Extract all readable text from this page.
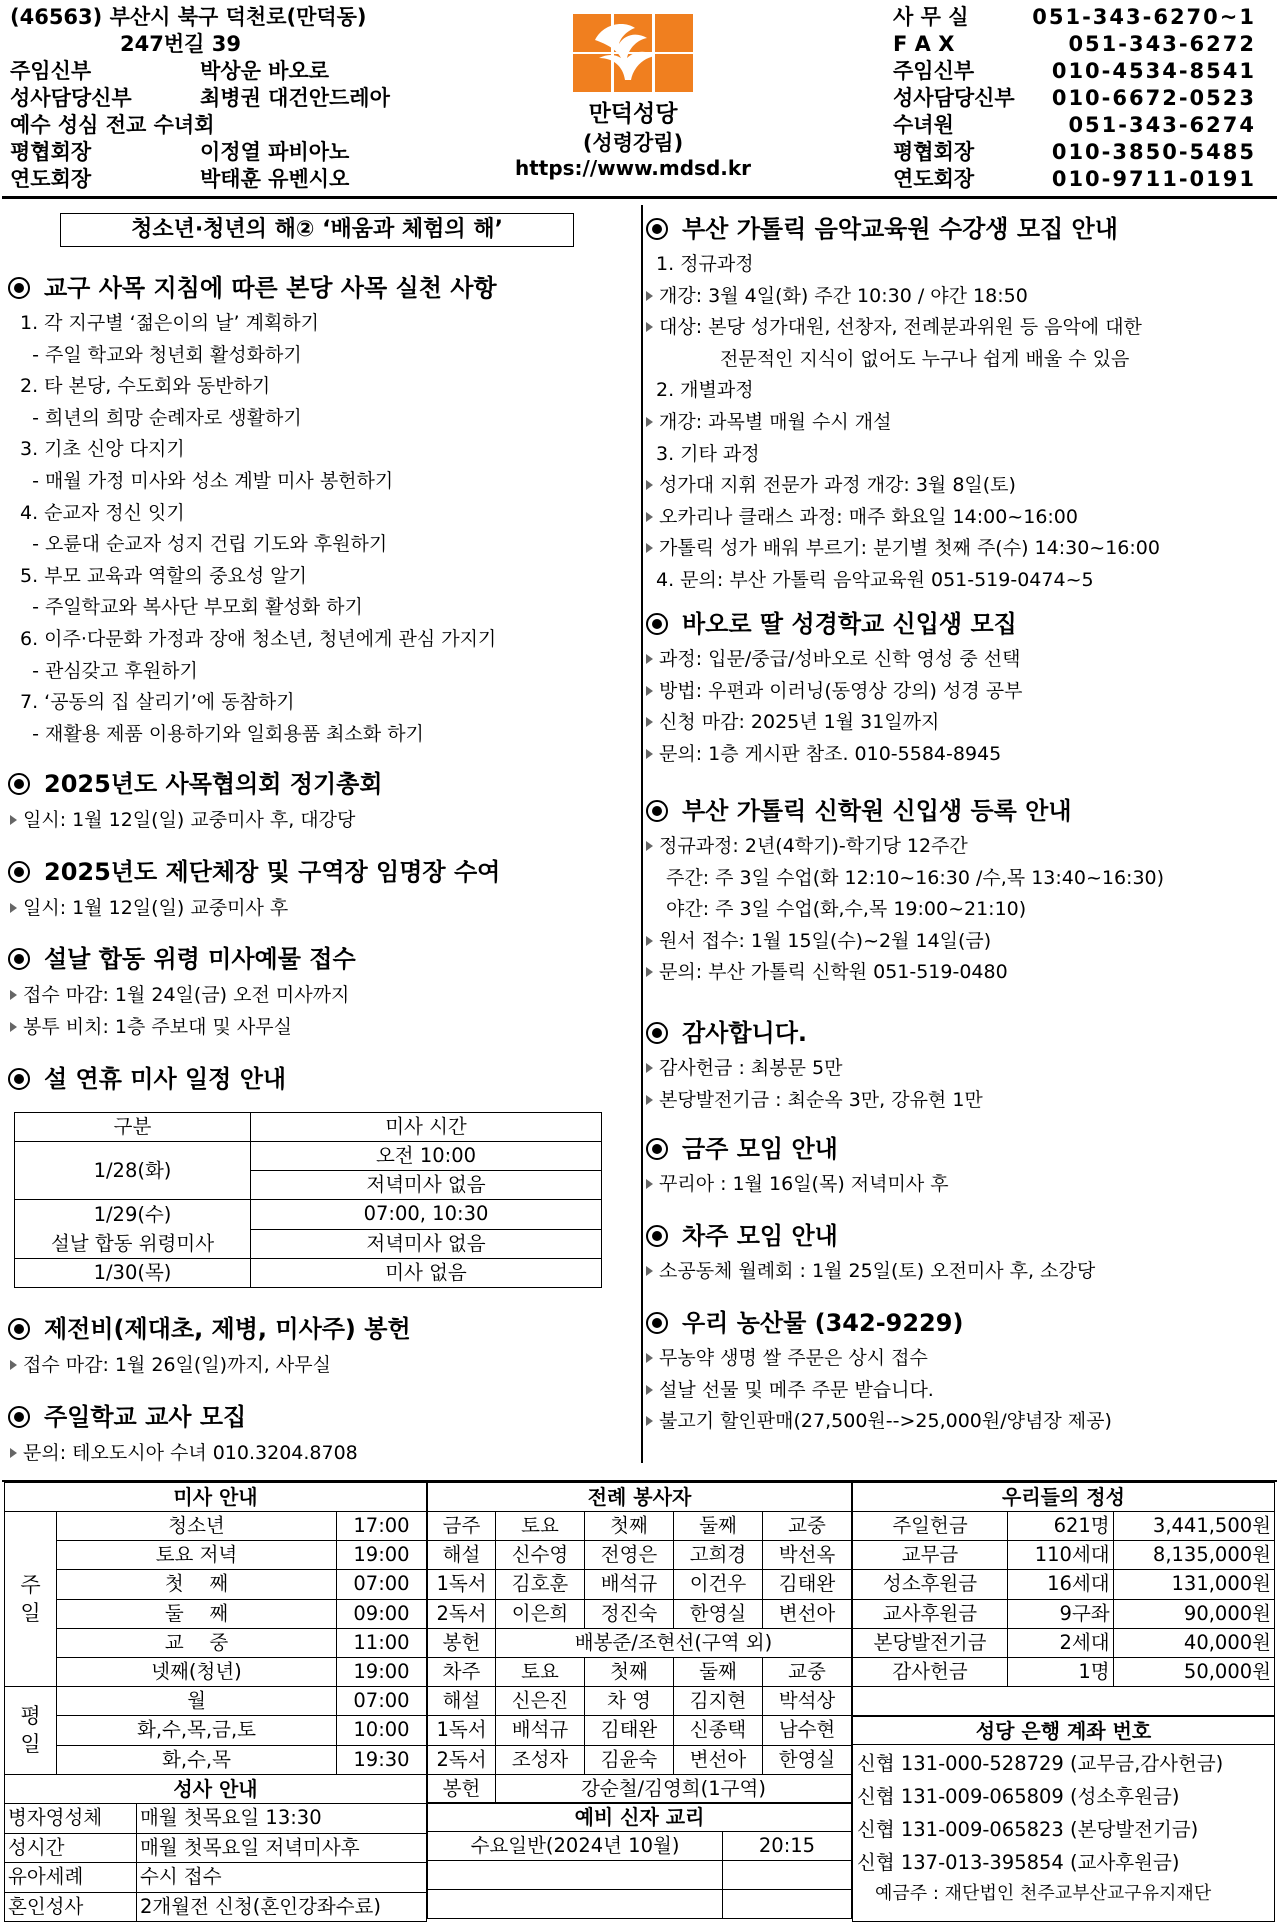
(46563) 부산시 북구 덕천로(만덕동)
247번길 39
주임신부	박상운 바오로
성사담당신부	최병권 대건안드레아
예수 성심 전교 수녀회
평협회장	이정열 파비아노
연도회장	박태훈 유벤시오
만덕성당
(성령강림)
https://www.mdsd.kr
사 무 실	051-343-6270~1
F A X	051-343-6272
주임신부	010-4534-8541
성사담당신부 010-6672-0523
수녀원	051-343-6274
평협회장	010-3850-5485
연도회장	010-9711-0191
청소년·청년의 해② ‘배움과 체험의 해’
교구 사목 지침에 따른 본당 사목 실천 사항
1. 각 지구별 ‘젊은이의 날’ 계획하기
- 주일 학교와 청년회 활성화하기
2. 타 본당, 수도회와 동반하기
- 희년의 희망 순례자로 생활하기
3. 기초 신앙 다지기
- 매월 가정 미사와 성소 계발 미사 봉헌하기
4. 순교자 정신 잇기
- 오륜대 순교자 성지 건립 기도와 후원하기
5. 부모 교육과 역할의 중요성 알기
- 주일학교와 복사단 부모회 활성화 하기
6. 이주·다문화 가정과 장애 청소년, 청년에게 관심 가지기
- 관심갖고 후원하기
7. ‘공동의 집 살리기’에 동참하기
- 재활용 제품 이용하기와 일회용품 최소화 하기
2025년도 사목협의회 정기총회
일시: 1월 12일(일) 교중미사 후, 대강당
2025년도 제단체장 및 구역장 임명장 수여
일시: 1월 12일(일) 교중미사 후
설날 합동 위령 미사예물 접수
접수 마감: 1월 24일(금) 오전 미사까지
봉투 비치: 1층 주보대 및 사무실
설 연휴 미사 일정 안내
구분	미사 시간
1/28(화)	오전 10:00
	저녁미사 없음

1/29(수)
설날 합동 위령미사	07:00, 10:30
	저녁미사 없음
1/30(목)	미사 없음
제전비(제대초, 제병, 미사주) 봉헌
접수 마감: 1월 26일(일)까지, 사무실
주일학교 교사 모집
문의: 테오도시아 수녀 010.3204.8708
부산 가톨릭 음악교육원 수강생 모집 안내
1. 정규과정
개강: 3월 4일(화) 주간 10:30 / 야간 18:50
대상: 본당 성가대원, 선창자, 전례분과위원 등 음악에 대한
전문적인 지식이 없어도 누구나 쉽게 배울 수 있음
2. 개별과정
개강: 과목별 매월 수시 개설
3. 기타 과정
성가대 지휘 전문가 과정 개강: 3월 8일(토)
오카리나 클래스 과정: 매주 화요일 14:00~16:00
가톨릭 성가 배워 부르기: 분기별 첫째 주(수) 14:30~16:00
4. 문의: 부산 가톨릭 음악교육원 051-519-0474~5
바오로 딸 성경학교 신입생 모집
과정: 입문/중급/성바오로 신학 영성 중 선택
방법: 우편과 이러닝(동영상 강의) 성경 공부
신청 마감: 2025년 1월 31일까지
문의: 1층 게시판 참조. 010-5584-8945
부산 가톨릭 신학원 신입생 등록 안내
정규과정: 2년(4학기)-학기당 12주간
주간: 주 3일 수업(화 12:10~16:30 /수,목 13:40~16:30)
야간: 주 3일 수업(화,수,목 19:00~21:10)
원서 접수: 1월 15일(수)~2월 14일(금)
문의: 부산 가톨릭 신학원 051-519-0480
감사합니다.
감사헌금 : 최봉문 5만
본당발전기금 : 최순옥 3만, 강유현 1만
금주 모임 안내
꾸리아 : 1월 16일(목) 저녁미사 후
차주 모임 안내
소공동체 월례회 : 1월 25일(토) 오전미사 후, 소강당
우리 농산물 (342-9229)
무농약 생명 쌀 주문은 상시 접수
설날 선물 및 메주 주문 받습니다.
불고기 할인판매(27,500원-->25,000원/양념장 제공)
미사 안내		
주
일	청소년	17:00
	토요 저녁	19:00
	첫　 째	07:00
	둘　 째	09:00
	교　 중	11:00
	넷째(청년)	19:00
평
일	월	07:00
	화,수,목,금,토	10:00
	화,수,목	19:30
성사 안내	
병자영성체	매월 첫목요일 13:30
성시간	매월 첫목요일 저녁미사후
유아세례	수시 접수
혼인성사	2개월전 신청(혼인강좌수료)
전례 봉사자				
금주	토요	첫째	둘째	교중
해설	신수영	전영은	고희경	박선옥
1독서	김호훈	배석규	이건우	김태완
2독서	이은희	정진숙	한영실	변선아
봉헌	배봉준/조현선(구역 외)			
차주	토요	첫째	둘째	교중
해설	신은진	차 영	김지현	박석상
1독서	배석규	김태완	신종택	남수현
2독서	조성자	김윤숙	변선아	한영실
봉헌	강순철/김영희(1구역)			
예비 신자 교리	
수요일반(2024년 10월)	20:15

우리들의 정성		
주일헌금	621명	3,441,500원
교무금	110세대	8,135,000원
성소후원금	16세대	131,000원
교사후원금	9구좌	90,000원
본당발전기금	2세대	40,000원
감사헌금	1명	50,000원

성당 은행 계좌 번호
신협 131-000-528729 (교무금,감사헌금)
신협 131-009-065809 (성소후원금)
신협 131-009-065823 (본당발전기금)
신협 137-013-395854 (교사후원금)
예금주 : 재단법인 천주교부산교구유지재단
